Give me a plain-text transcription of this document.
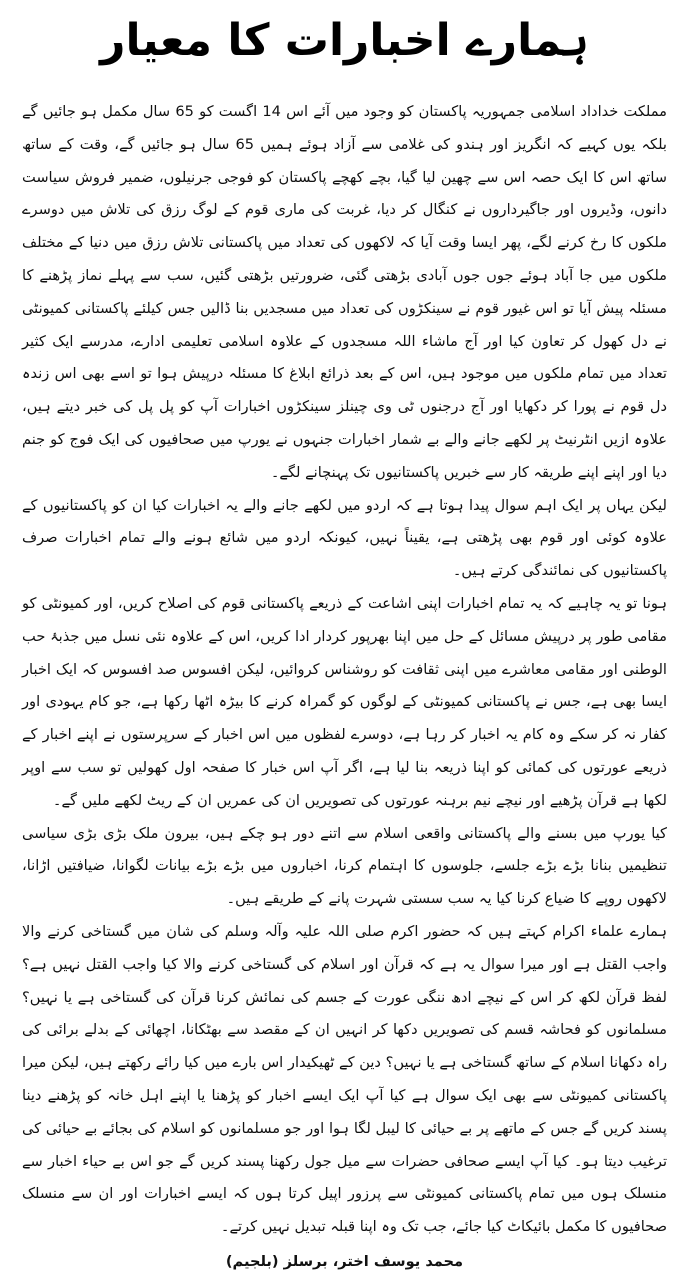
ہمارے اخبارات کا معیار

مملکت خداداد اسلامی جمہوریہ پاکستان کو وجود میں آئے اس 14 اگست کو 65 سال مکمل ہو جائیں گے بلکہ یوں کہیے کہ انگریز اور ہندو کی غلامی سے آزاد ہوئے ہمیں 65 سال ہو جائیں گے، وقت کے ساتھ ساتھ اس کا ایک حصہ اس سے چھین لیا گیا، بچے کھچے پاکستان کو فوجی جرنیلوں، ضمیر فروش سیاست دانوں، وڈیروں اور جاگیرداروں نے کنگال کر دیا، غربت کی ماری قوم کے لوگ رزق کی تلاش میں دوسرے ملکوں کا رخ کرنے لگے، پھر ایسا وقت آیا کہ لاکھوں کی تعداد میں پاکستانی تلاش رزق میں دنیا کے مختلف ملکوں میں جا آباد ہوئے جوں جوں آبادی بڑھتی گئی، ضرورتیں بڑھتی گئیں، سب سے پہلے نماز پڑھنے کا مسئلہ پیش آیا تو اس غیور قوم نے سینکڑوں کی تعداد میں مسجدیں بنا ڈالیں جس کیلئے پاکستانی کمیونٹی نے دل کھول کر تعاون کیا اور آج ماشاء اللہ مسجدوں کے علاوہ اسلامی تعلیمی ادارے، مدرسے ایک کثیر تعداد میں تمام ملکوں میں موجود ہیں، اس کے بعد ذرائع ابلاغ کا مسئلہ درپیش ہوا تو اسے بھی اس زندہ دل قوم نے پورا کر دکھایا اور آج درجنوں ٹی وی چینلز سینکڑوں اخبارات آپ کو پل پل کی خبر دیتے ہیں، علاوہ ازیں انٹرنیٹ پر لکھے جانے والے بے شمار اخبارات جنہوں نے یورپ میں صحافیوں کی ایک فوج کو جنم دیا اور اپنے اپنے طریقہ کار سے خبریں پاکستانیوں تک پہنچانے لگے۔

لیکن یہاں پر ایک اہم سوال پیدا ہوتا ہے کہ اردو میں لکھے جانے والے یہ اخبارات کیا ان کو پاکستانیوں کے علاوہ کوئی اور قوم بھی پڑھتی ہے، یقیناً نہیں، کیونکہ اردو میں شائع ہونے والے تمام اخبارات صرف پاکستانیوں کی نمائندگی کرتے ہیں۔

ہونا تو یہ چاہیے کہ یہ تمام اخبارات اپنی اشاعت کے ذریعے پاکستانی قوم کی اصلاح کریں، اور کمیونٹی کو مقامی طور پر درپیش مسائل کے حل میں اپنا بھرپور کردار ادا کریں، اس کے علاوہ نئی نسل میں جذبۂ حب الوطنی اور مقامی معاشرے میں اپنی ثقافت کو روشناس کروائیں، لیکن افسوس صد افسوس کہ ایک اخبار ایسا بھی ہے، جس نے پاکستانی کمیونٹی کے لوگوں کو گمراہ کرنے کا بیڑہ اٹھا رکھا ہے، جو کام یہودی اور کفار نہ کر سکے وہ کام یہ اخبار کر رہا ہے، دوسرے لفظوں میں اس اخبار کے سرپرستوں نے اپنے اخبار کے ذریعے عورتوں کی کمائی کو اپنا ذریعہ بنا لیا ہے، اگر آپ اس خبار کا صفحہ اول کھولیں تو سب سے اوپر لکھا ہے قرآن پڑھیے اور نیچے نیم برہنہ عورتوں کی تصویریں ان کی عمریں ان کے ریٹ لکھے ملیں گے۔

کیا یورپ میں بسنے والے پاکستانی واقعی اسلام سے اتنے دور ہو چکے ہیں، بیرون ملک بڑی بڑی سیاسی تنظیمیں بنانا بڑے بڑے جلسے، جلوسوں کا اہتمام کرنا، اخباروں میں بڑے بڑے بیانات لگوانا، ضیافتیں اڑانا، لاکھوں روپے کا ضیاع کرنا کیا یہ سب سستی شہرت پانے کے طریقے ہیں۔

ہمارے علماء اکرام کہتے ہیں کہ حضور اکرم صلی اللہ علیہ وآلہ وسلم کی شان میں گستاخی کرنے والا واجب القتل ہے اور میرا سوال یہ ہے کہ قرآن اور اسلام کی گستاخی کرنے والا کیا واجب القتل نہیں ہے؟ لفظ قرآن لکھ کر اس کے نیچے ادھ ننگی عورت کے جسم کی نمائش کرنا قرآن کی گستاخی ہے یا نہیں؟ مسلمانوں کو فحاشہ قسم کی تصویریں دکھا کر انہیں ان کے مقصد سے بھٹکانا، اچھائی کے بدلے برائی کی راہ دکھانا اسلام کے ساتھ گستاخی ہے یا نہیں؟ دین کے ٹھیکیدار اس بارے میں کیا رائے رکھتے ہیں، لیکن میرا پاکستانی کمیونٹی سے بھی ایک سوال ہے کیا آپ ایک ایسے اخبار کو پڑھنا یا اپنے اہل خانہ کو پڑھنے دینا پسند کریں گے جس کے ماتھے پر بے حیائی کا لیبل لگا ہوا اور جو مسلمانوں کو اسلام کی بجائے بے حیائی کی ترغیب دیتا ہو۔ کیا آپ ایسے صحافی حضرات سے میل جول رکھنا پسند کریں گے جو اس بے حیاء اخبار سے منسلک ہوں میں تمام پاکستانی کمیونٹی سے پرزور اپیل کرتا ہوں کہ ایسے اخبارات اور ان سے منسلک صحافیوں کا مکمل بائیکاٹ کیا جائے، جب تک وہ اپنا قبلہ تبدیل نہیں کرتے۔

محمد یوسف اختر، برسلز (بلجیم)
